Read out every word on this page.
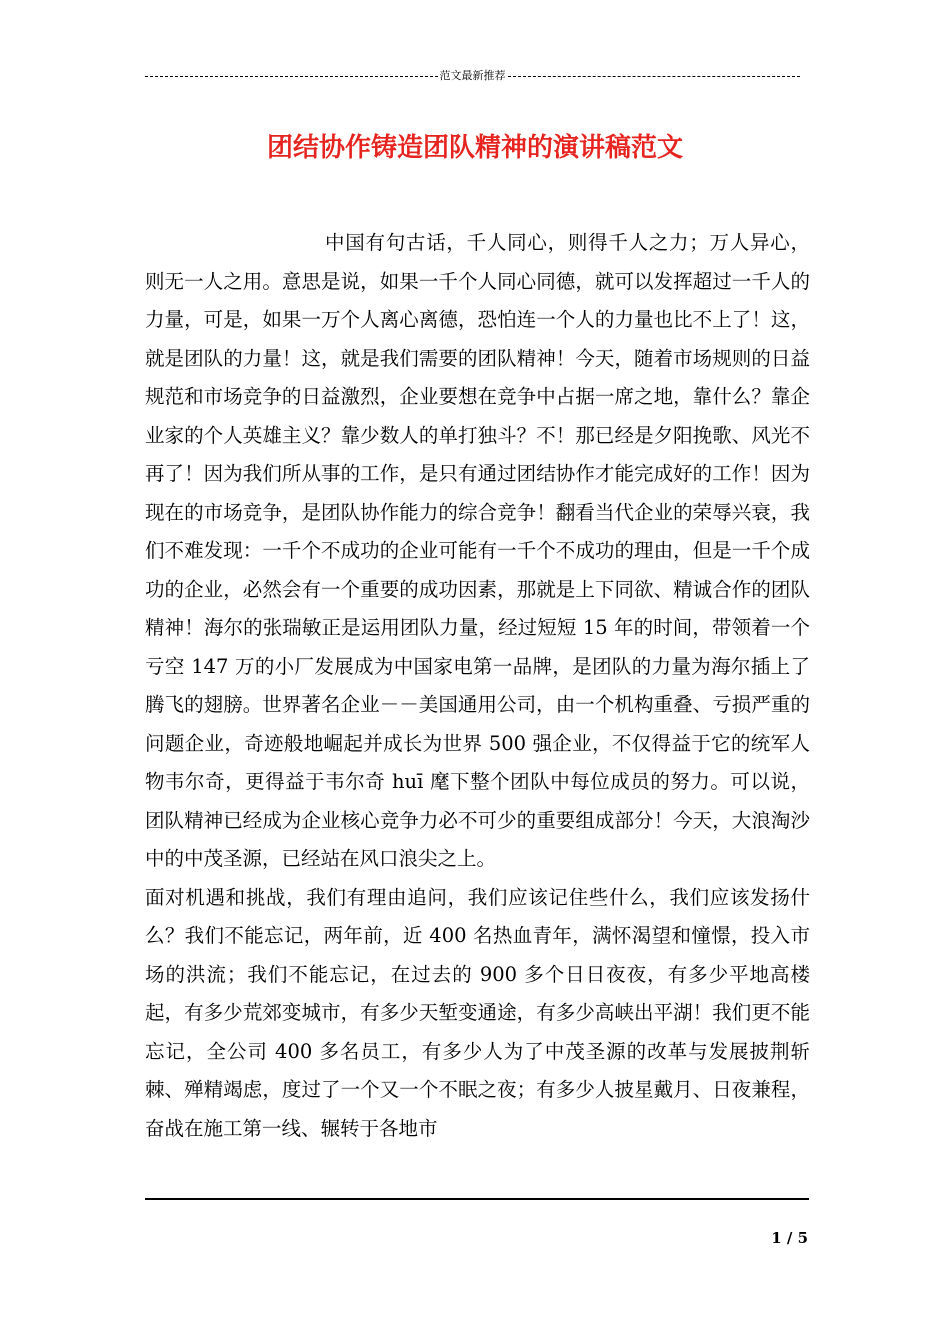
范文最新推荐
团结协作铸造团队精神的演讲稿范文

中国有句古话，千人同心，则得千人之力；万人异心，则无一人之用。意思是说，如果一千个人同心同德，就可以发挥超过一千人的力量，可是，如果一万个人离心离德，恐怕连一个人的力量也比不上了！这，就是团队的力量！这，就是我们需要的团队精神！今天，随着市场规则的日益规范和市场竞争的日益激烈，企业要想在竞争中占据一席之地，靠什么？靠企业家的个人英雄主义？靠少数人的单打独斗？不！那已经是夕阳挽歌、风光不再了！因为我们所从事的工作，是只有通过团结协作才能完成好的工作！因为现在的市场竞争，是团队协作能力的综合竞争！翻看当代企业的荣辱兴衰，我们不难发现：一千个不成功的企业可能有一千个不成功的理由，但是一千个成功的企业，必然会有一个重要的成功因素，那就是上下同欲、精诚合作的团队精神！海尔的张瑞敏正是运用团队力量，经过短短 15 年的时间，带领着一个亏空 147 万的小厂发展成为中国家电第一品牌，是团队的力量为海尔插上了腾飞的翅膀。世界著名企业－－美国通用公司，由一个机构重叠、亏损严重的问题企业，奇迹般地崛起并成长为世界 500 强企业，不仅得益于它的统军人物韦尔奇，更得益于韦尔奇 huī 麾下整个团队中每位成员的努力。可以说，团队精神已经成为企业核心竞争力必不可少的重要组成部分！今天，大浪淘沙中的中茂圣源，已经站在风口浪尖之上。

面对机遇和挑战，我们有理由追问，我们应该记住些什么，我们应该发扬什么？我们不能忘记，两年前，近 400 名热血青年，满怀渴望和憧憬，投入市场的洪流；我们不能忘记，在过去的 900 多个日日夜夜，有多少平地高楼起，有多少荒郊变城市，有多少天堑变通途，有多少高峡出平湖！我们更不能忘记，全公司 400 多名员工，有多少人为了中茂圣源的改革与发展披荆斩棘、殚精竭虑，度过了一个又一个不眠之夜；有多少人披星戴月、日夜兼程，奋战在施工第一线、辗转于各地市

1 / 5
